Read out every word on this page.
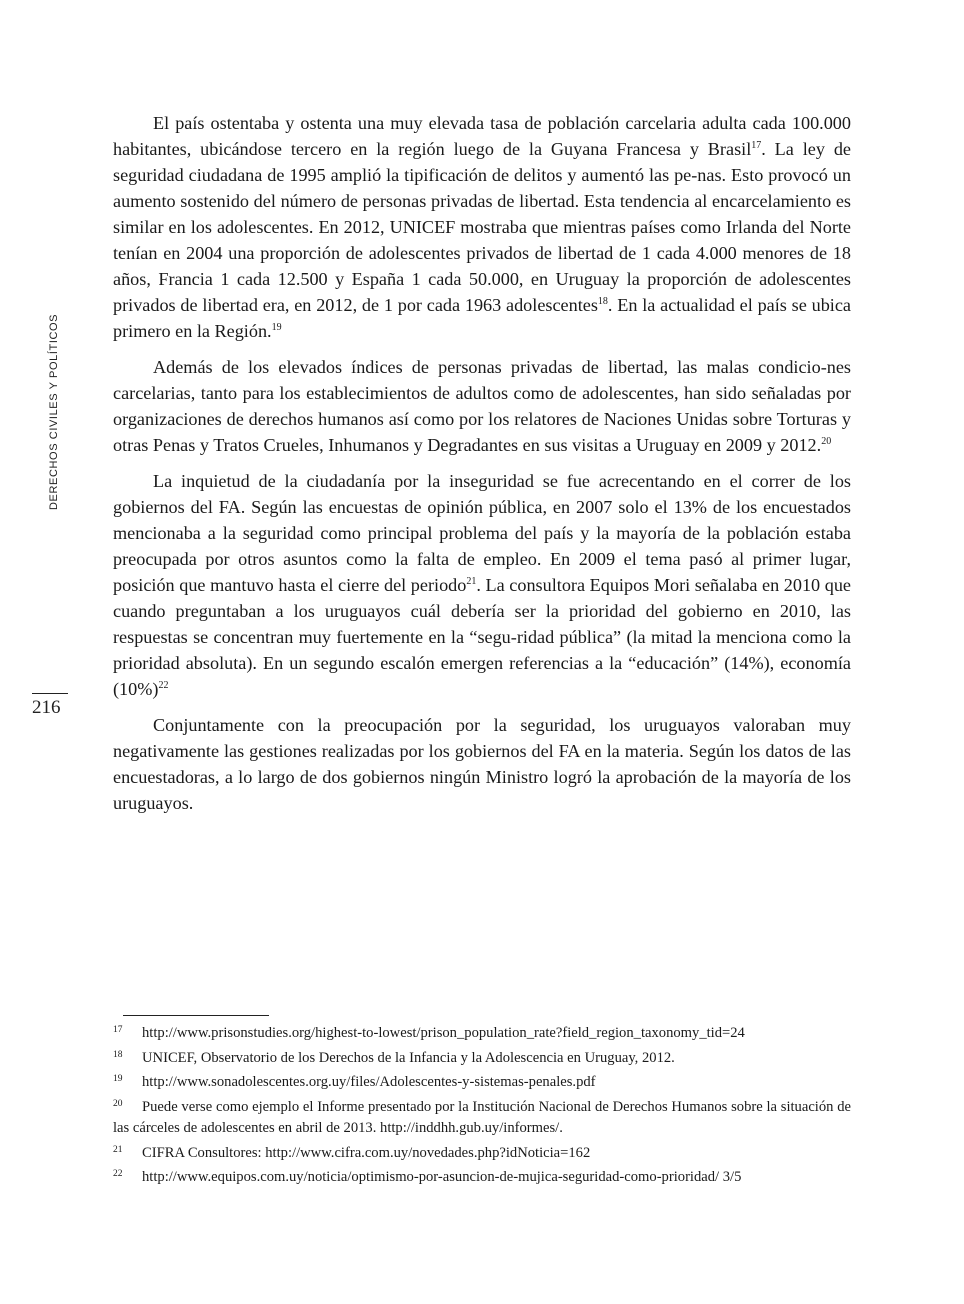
DERECHOS CIVILES Y POLÍTICOS
216

El país ostentaba y ostenta una muy elevada tasa de población carcelaria adulta cada 100.000 habitantes, ubicándose tercero en la región luego de la Guyana Francesa y Brasil$^{17}$. La ley de seguridad ciudadana de 1995 amplió la tipificación de delitos y aumentó las pe-nas. Esto provocó un aumento sostenido del número de personas privadas de libertad. Esta tendencia al encarcelamiento es similar en los adolescentes. En 2012, UNICEF mostraba que mientras países como Irlanda del Norte tenían en 2004 una proporción de adolescentes privados de libertad de 1 cada 4.000 menores de 18 años, Francia 1 cada 12.500 y España 1 cada 50.000, en Uruguay la proporción de adolescentes privados de libertad era, en 2012, de 1 por cada 1963 adolescentes$^{18}$. En la actualidad el país se ubica primero en la Región.$^{19}$

Además de los elevados índices de personas privadas de libertad, las malas condicio-nes carcelarias, tanto para los establecimientos de adultos como de adolescentes, han sido señaladas por organizaciones de derechos humanos así como por los relatores de Naciones Unidas sobre Torturas y otras Penas y Tratos Crueles, Inhumanos y Degradantes en sus visitas a Uruguay en 2009 y 2012.20

La inquietud de la ciudadanía por la inseguridad se fue acrecentando en el correr de los gobiernos del FA. Según las encuestas de opinión pública, en 2007 solo el 13% de los encuestados mencionaba a la seguridad como principal problema del país y la mayoría de la población estaba preocupada por otros asuntos como la falta de empleo. En 2009 el tema pasó al primer lugar, posición que mantuvo hasta el cierre del periodo$^{21}$. La consultora Equipos Mori señalaba en 2010 que cuando preguntaban a los uruguayos cuál debería ser la prioridad del gobierno en 2010, las respuestas se concentran muy fuertemente en la “segu-ridad pública” (la mitad la menciona como la prioridad absoluta). En un segundo escalón emergen referencias a la “educación” (14%), economía $(10\%)^{22}$

Conjuntamente con la preocupación por la seguridad, los uruguayos valoraban muy negativamente las gestiones realizadas por los gobiernos del FA en la materia. Según los datos de las encuestadoras, a lo largo de dos gobiernos ningún Ministro logró la aprobación de la mayoría de los uruguayos.

17 http://www.prisonstudies.org/highest-to-lowest/prison_population_rate?field_region_taxonomy_tid=24
18 UNICEF, Observatorio de los Derechos de la Infancia y la Adolescencia en Uruguay, 2012.
19 http://www.sonadolescentes.org.uy/files/Adolescentes-y-sistemas-penales.pdf
20 Puede verse como ejemplo el Informe presentado por la Institución Nacional de Derechos Humanos sobre la situación de las cárceles de adolescentes en abril de 2013. http://inddhh.gub.uy/informes/.
21 CIFRA Consultores: http://www.cifra.com.uy/novedades.php?idNoticia=162
22 http://www.equipos.com.uy/noticia/optimismo-por-asuncion-de-mujica-seguridad-como-prioridad/ 3/5
